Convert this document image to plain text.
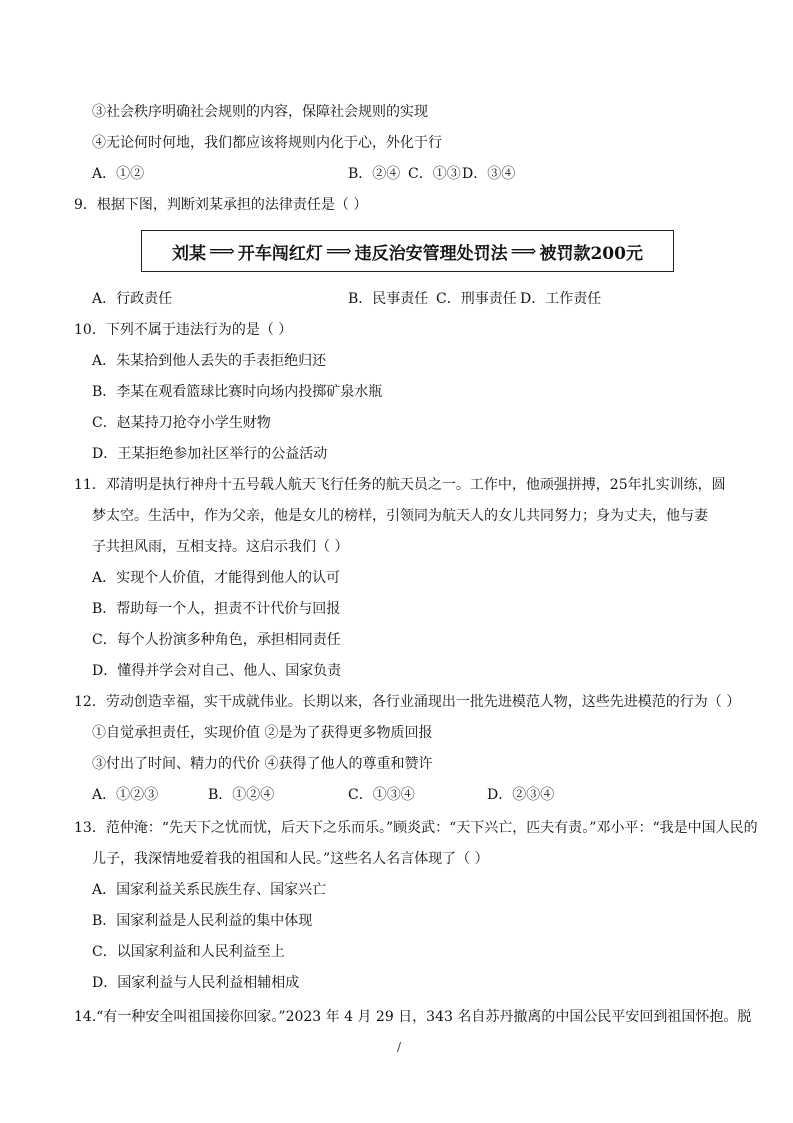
③社会秩序明确社会规则的内容，保障社会规则的实现
④无论何时何地，我们都应该将规则内化于心，外化于行
A．①②	B．②④ C．①③ D．③④
9．根据下图，判断刘某承担的法律责任是（ ）
刘某 ⟹ 开车闯红灯 ⟹ 违反治安管理处罚法 ⟹ 被罚款200元
A．行政责任	B．民事责任 C．刑事责任 D．工作责任
10．下列不属于违法行为的是（ ）
A．朱某拾到他人丢失的手表拒绝归还
B．李某在观看篮球比赛时向场内投掷矿泉水瓶
C．赵某持刀抢夺小学生财物
D．王某拒绝参加社区举行的公益活动
11．邓清明是执行神舟十五号载人航天飞行任务的航天员之一。工作中，他顽强拼搏，25年扎实训练，圆
梦太空。生活中，作为父亲，他是女儿的榜样，引领同为航天人的女儿共同努力；身为丈夫，他与妻
子共担风雨，互相支持。这启示我们（ ）
A．实现个人价值，才能得到他人的认可
B．帮助每一个人，担责不计代价与回报
C．每个人扮演多种角色，承担相同责任
D．懂得并学会对自己、他人、国家负责
12．劳动创造幸福，实干成就伟业。长期以来，各行业涌现出一批先进模范人物，这些先进模范的行为（ ）
①自觉承担责任，实现价值 ②是为了获得更多物质回报
③付出了时间、精力的代价 ④获得了他人的尊重和赞许
A．①②③	B．①②④	C．①③④	D．②③④
13．范仲淹：“先天下之忧而忧，后天下之乐而乐。”顾炎武：“天下兴亡，匹夫有责。”邓小平：“我是中国人民的
儿子，我深情地爱着我的祖国和人民。”这些名人名言体现了（ ）
A．国家利益关系民族生存、国家兴亡
B．国家利益是人民利益的集中体现
C．以国家利益和人民利益至上
D．国家利益与人民利益相辅相成
14.“有一种安全叫祖国接你回家。”2023 年 4 月 29 日，343 名自苏丹撤离的中国公民平安回到祖国怀抱。脱
/
